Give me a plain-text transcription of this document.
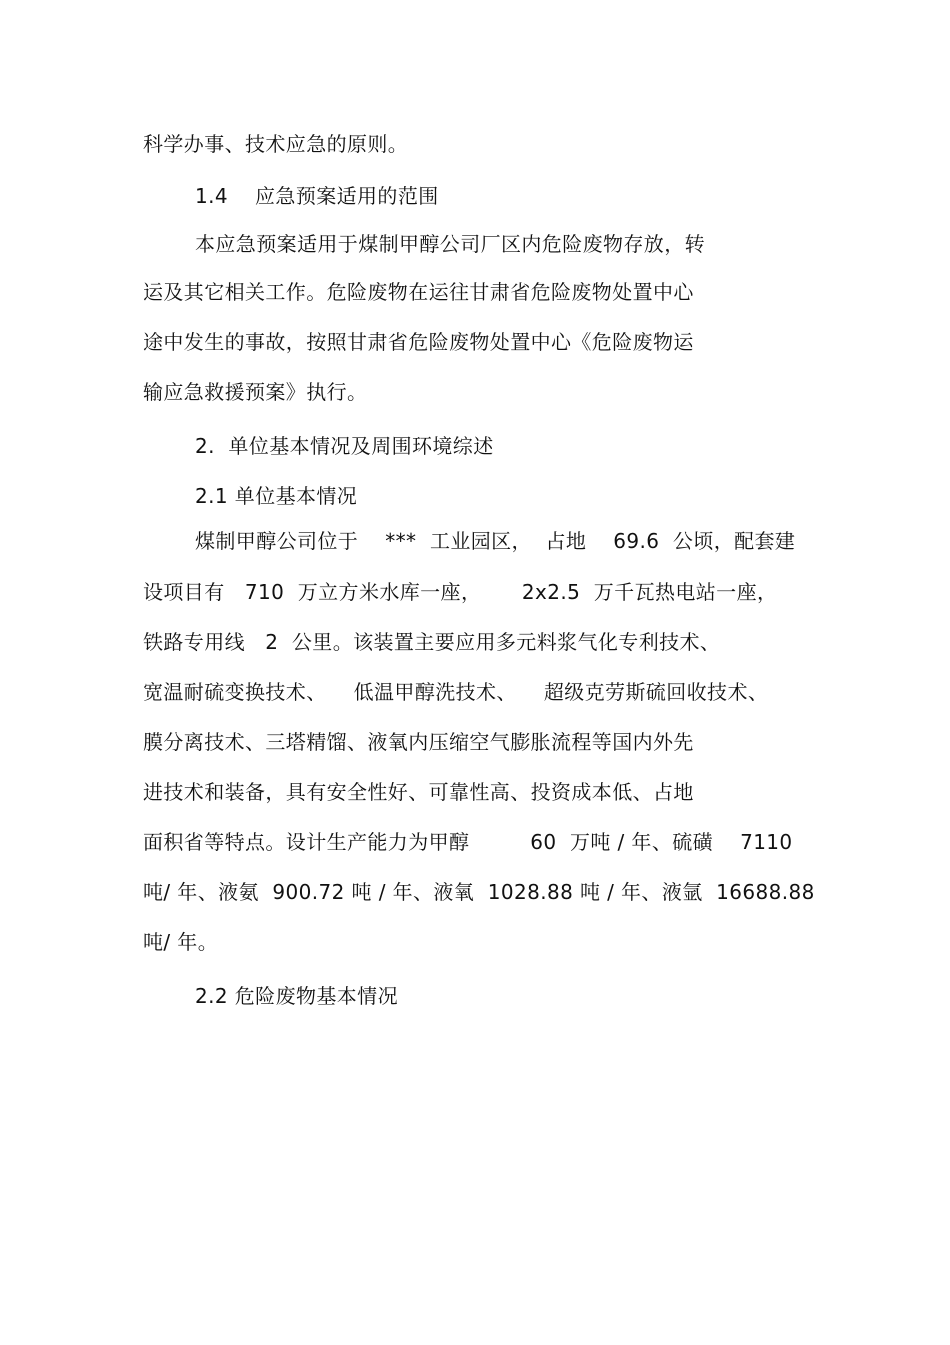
科学办事、技术应急的原则。
1.4    应急预案适用的范围
本应急预案适用于煤制甲醇公司厂区内危险废物存放，转
运及其它相关工作。危险废物在运往甘肃省危险废物处置中心
途中发生的事故，按照甘肃省危险废物处置中心《危险废物运
输应急救援预案》执行。
2.  单位基本情况及周围环境综述
2.1 单位基本情况
煤制甲醇公司位于    ***  工业园区，  占地    69.6  公顷，配套建
设项目有   710  万立方米水库一座，      2x2.5  万千瓦热电站一座，
铁路专用线   2  公里。该装置主要应用多元料浆气化专利技术、
宽温耐硫变换技术、    低温甲醇洗技术、    超级克劳斯硫回收技术、
膜分离技术、三塔精馏、液氧内压缩空气膨胀流程等国内外先
进技术和装备，具有安全性好、可靠性高、投资成本低、占地
面积省等特点。设计生产能力为甲醇         60  万吨 / 年、硫磺    7110
吨/ 年、液氨  900.72 吨 / 年、液氧  1028.88 吨 / 年、液氩  16688.88
吨/ 年。
2.2 危险废物基本情况
